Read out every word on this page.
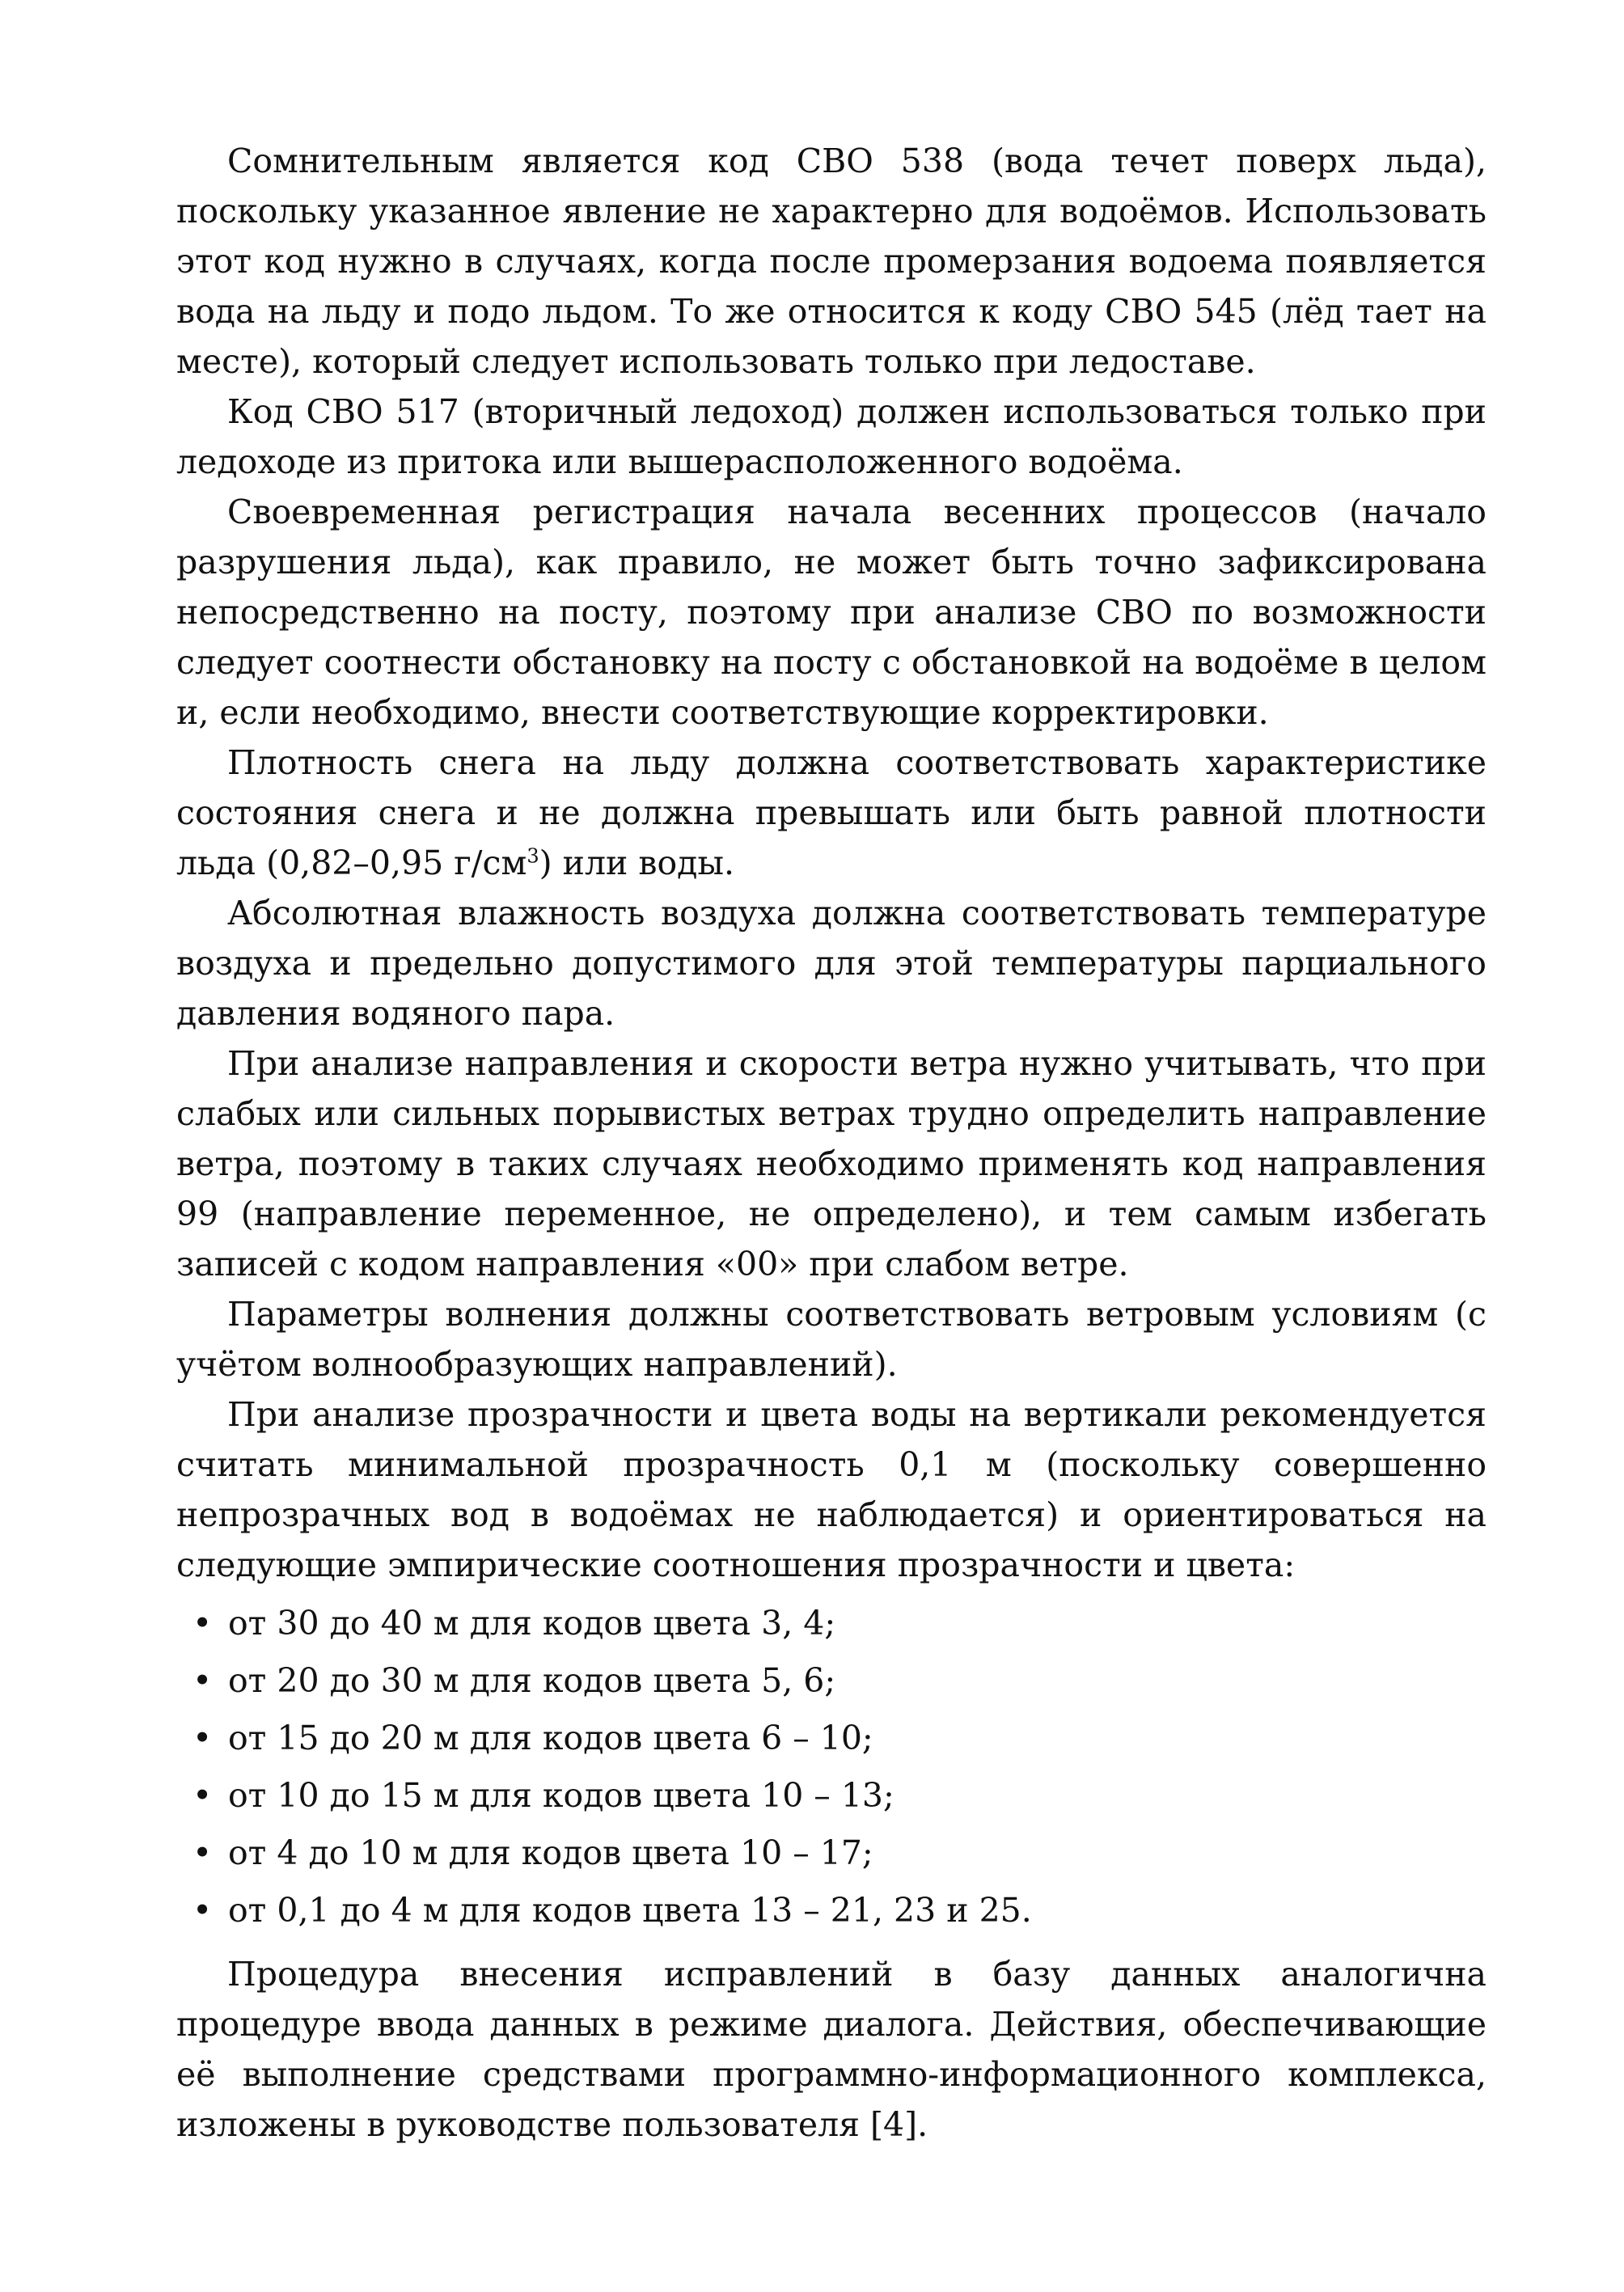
Сомнительным является код СВО 538 (вода течет поверх льда), поскольку указанное явление не характерно для водоёмов. Использовать этот код нужно в случаях, когда после промерзания водоема появляется вода на льду и подо льдом. То же относится к коду СВО 545 (лёд тает на месте), который следует использовать только при ледоставе.

Код СВО 517 (вторичный ледоход) должен использоваться только при ледоходе из притока или вышерасположенного водоёма.

Своевременная регистрация начала весенних процессов (начало разрушения льда), как правило, не может быть точно зафиксирована непосредственно на посту, поэтому при анализе СВО по возможности следует соотнести обстановку на посту с обстановкой на водоёме в целом и, если необходимо, внести соответствующие корректировки.

Плотность снега на льду должна соответствовать характеристике состояния снега и не должна превышать или быть равной плотности льда (0,82–0,95 $г/см^3$) или воды.

Абсолютная влажность воздуха должна соответствовать температуре воздуха и предельно допустимого для этой температуры парциального давления водяного пара.

При анализе направления и скорости ветра нужно учитывать, что при слабых или сильных порывистых ветрах трудно определить направление ветра, поэтому в таких случаях необходимо применять код направления 99 (направление переменное, не определено), и тем самым избегать записей с кодом направления «00» при слабом ветре.

Параметры волнения должны соответствовать ветровым условиям (с учётом волнообразующих направлений).

При анализе прозрачности и цвета воды на вертикали рекомендуется считать минимальной прозрачность 0,1 м (поскольку совершенно непрозрачных вод в водоёмах не наблюдается) и ориентироваться на следующие эмпирические соотношения прозрачности и цвета:

• от 30 до 40 м для кодов цвета 3, 4;
• от 20 до 30 м для кодов цвета 5, 6;
• от 15 до 20 м для кодов цвета 6 – 10;
• от 10 до 15 м для кодов цвета 10 – 13;
• от 4 до 10 м для кодов цвета 10 – 17;
• от 0,1 до 4 м для кодов цвета 13 – 21, 23 и 25.

Процедура внесения исправлений в базу данных аналогична процедуре ввода данных в режиме диалога. Действия, обеспечивающие её выполнение средствами программно-информационного комплекса, изложены в руководстве пользователя [4].
